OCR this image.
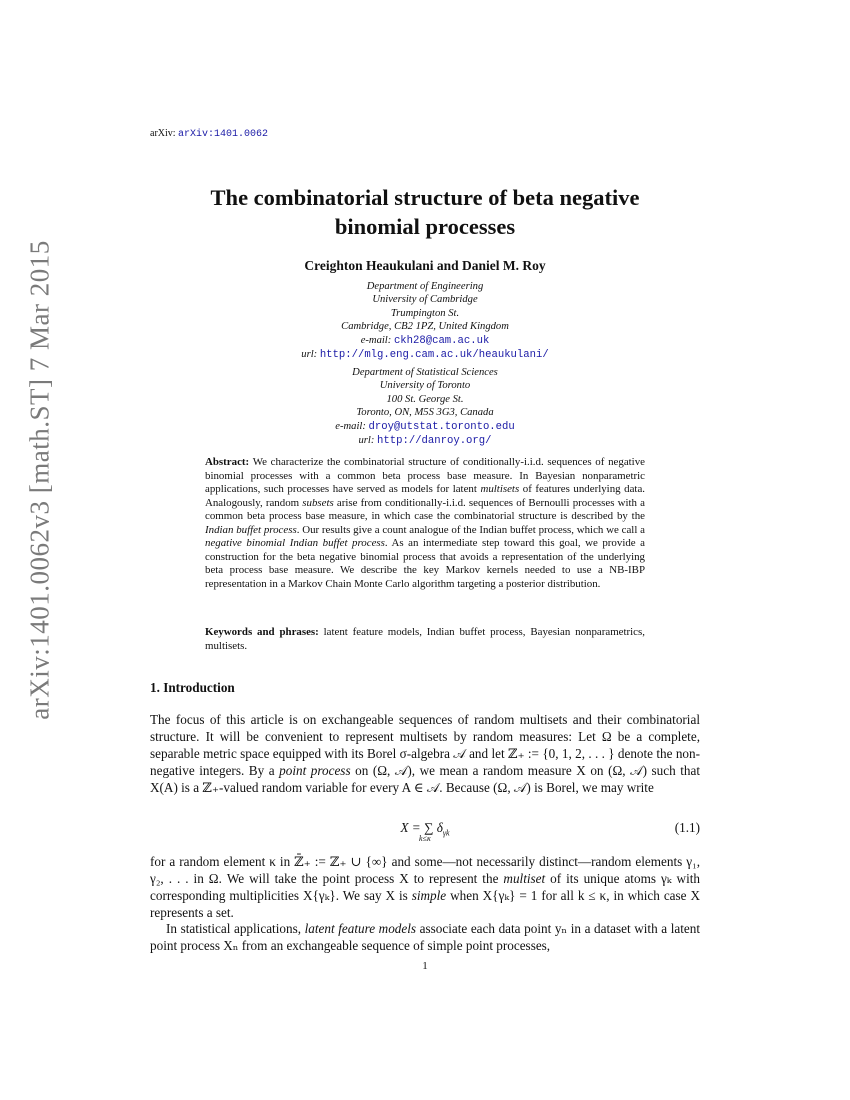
arXiv:1401.0062v3 [math.ST] 7 Mar 2015
arXiv: arXiv:1401.0062
The combinatorial structure of beta negative
binomial processes
Creighton Heaukulani and Daniel M. Roy
Department of Engineering
University of Cambridge
Trumpington St.
Cambridge, CB2 1PZ, United Kingdom
e-mail: ckh28@cam.ac.uk
url: http://mlg.eng.cam.ac.uk/heaukulani/
Department of Statistical Sciences
University of Toronto
100 St. George St.
Toronto, ON, M5S 3G3, Canada
e-mail: droy@utstat.toronto.edu
url: http://danroy.org/
Abstract: We characterize the combinatorial structure of conditionally-i.i.d. sequences of negative binomial processes with a common beta process base measure. In Bayesian nonparametric applications, such processes have served as models for latent multisets of features underlying data. Analogously, random subsets arise from conditionally-i.i.d. sequences of Bernoulli processes with a common beta process base measure, in which case the combinatorial structure is described by the Indian buffet process. Our results give a count analogue of the Indian buffet process, which we call a negative binomial Indian buffet process. As an intermediate step toward this goal, we provide a construction for the beta negative binomial process that avoids a representation of the underlying beta process base measure. We describe the key Markov kernels needed to use a NB-IBP representation in a Markov Chain Monte Carlo algorithm targeting a posterior distribution.
Keywords and phrases: latent feature models, Indian buffet process, Bayesian nonparametrics, multisets.
1. Introduction
The focus of this article is on exchangeable sequences of random multisets and their combinatorial structure. It will be convenient to represent multisets by random measures: Let Ω be a complete, separable metric space equipped with its Borel σ-algebra 𝒜 and let ℤ₊ := {0, 1, 2, . . . } denote the non-negative integers. By a point process on (Ω, 𝒜), we mean a random measure X on (Ω, 𝒜) such that X(A) is a ℤ₊-valued random variable for every A ∈ 𝒜. Because (Ω, 𝒜) is Borel, we may write
X = ∑ $\delta_{\gamma k}$
k≤κ
(1.1)
for a random element κ in ℤ̄₊ := ℤ₊ ∪ {∞} and some—not necessarily distinct—random elements γ₁, γ₂, . . . in Ω. We will take the point process X to represent the multiset of its unique atoms γₖ with corresponding multiplicities X{γₖ}. We say X is simple when X{γₖ} = 1 for all k ≤ κ, in which case X represents a set.
In statistical applications, latent feature models associate each data point yₙ in a dataset with a latent point process Xₙ from an exchangeable sequence of simple point processes,
1
